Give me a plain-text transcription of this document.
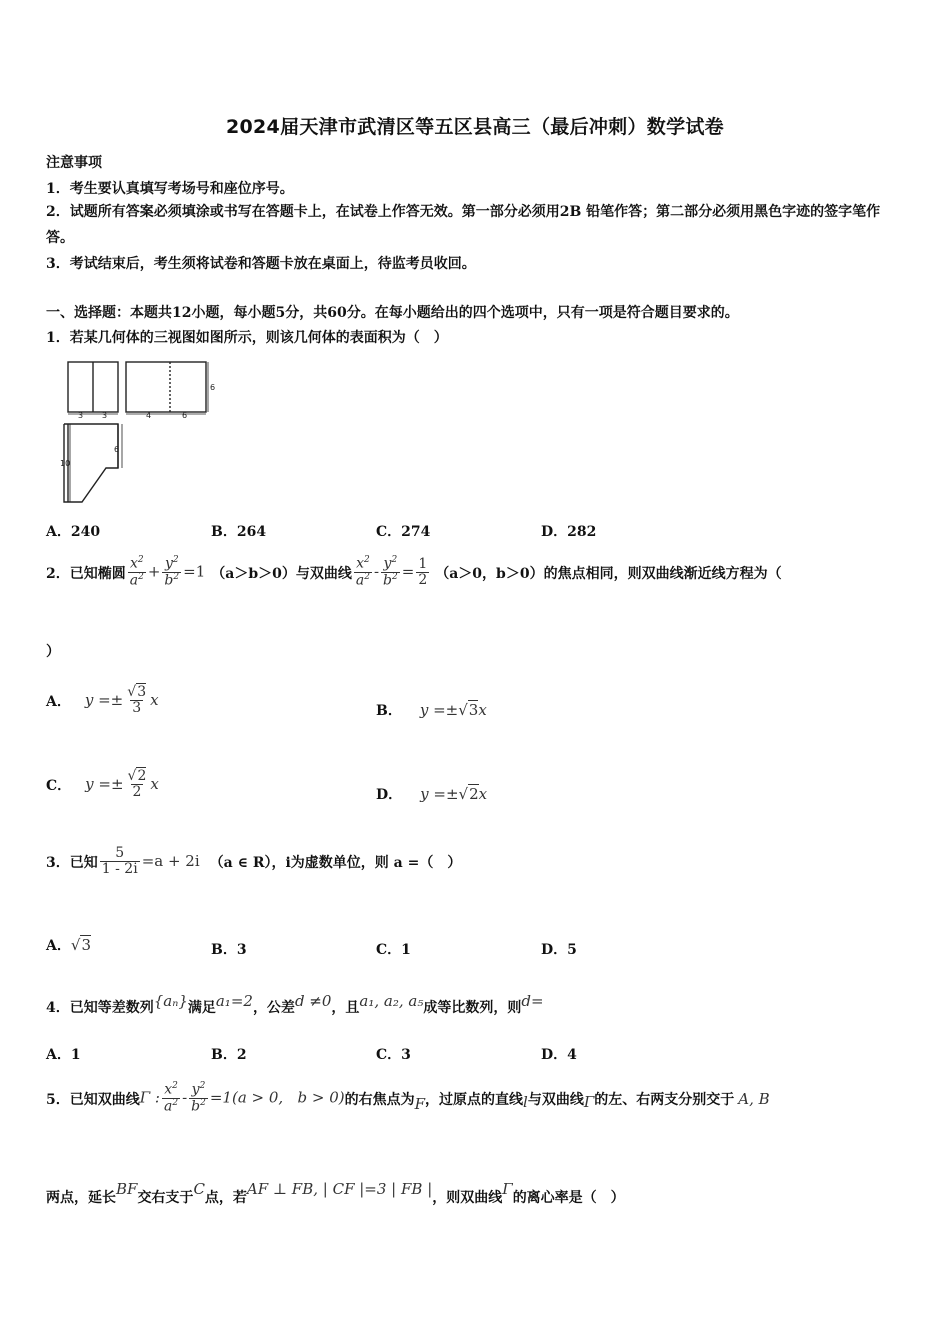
2024届天津市武清区等五区县高三（最后冲刺）数学试卷
注意事项
1．考生要认真填写考场号和座位序号。
2．试题所有答案必须填涂或书写在答题卡上，在试卷上作答无效。第一部分必须用2B 铅笔作答；第二部分必须用黑色字迹的签字笔作答。
3．考试结束后，考生须将试卷和答题卡放在桌面上，待监考员收回。
一、选择题：本题共12小题，每小题5分，共60分。在每小题给出的四个选项中，只有一项是符合题目要求的。
1．若某几何体的三视图如图所示，则该几何体的表面积为（　）
3 3
6
4	6
10
6
A．240	B．264	C．274	D．282
2．已知椭圆 $\frac{x^2}{a^2} + \frac{y^2}{b^2} =1$ （a＞b＞0）与双曲线 $\frac{x^2}{a^2} - \frac{y^2}{b^2} = \frac{1}{2} (a>0$，b＞0）的焦点相同，则双曲线渐近线方程为（
）
A． $y =\pm \frac{√3}{3}$ x
B． y =±√3x
C． $y =\pm \frac{√2}{2}$ x
D． y =±√2x
3．已知 $\frac{5}{1 - 2i} =a + 2i$ （a ∈ R），i为虚数单位，则 a =（　）
A．√3	B．3	C．1	D．5
4．已知等差数列{aₙ}满足a₁=2，公差d ≠0，且a₁, a₂, a₅成等比数列，则d=
A．1	B．2	C．3	D．4
5．已知双曲线 Γ : $\frac{x^2}{a^2} - \frac{y^2}{b^2} =1(a > 0$,   b > 0) 的右焦点为 F ，过原点的直线 l 与双曲线 Γ 的左、右两支分别交于 A, B
两点，延长BF交右支于C点，若AF ⊥ FB, | CF |=3 | FB |，则双曲线Γ的离心率是（　）
